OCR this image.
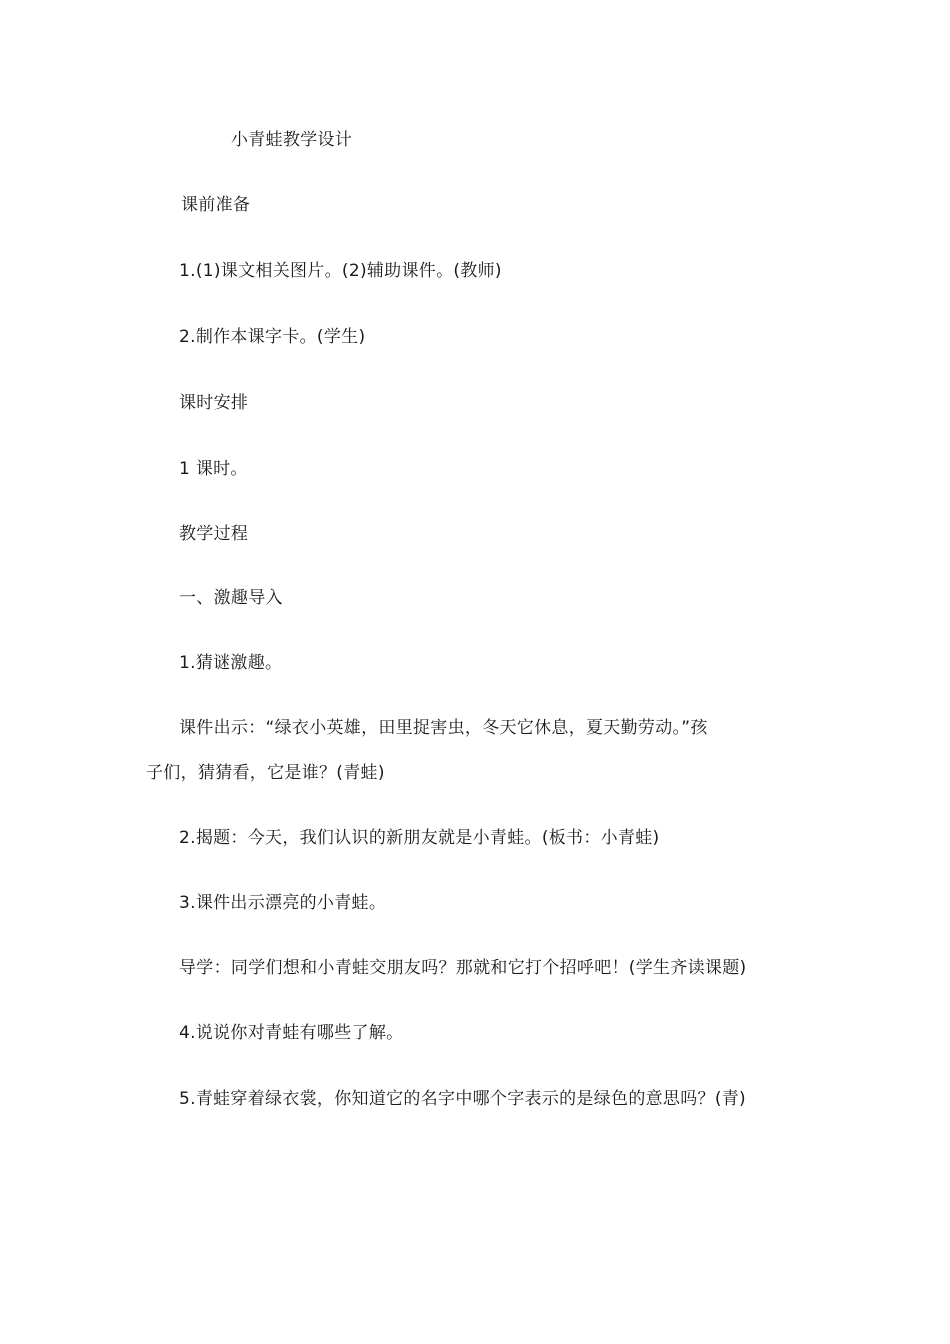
小青蛙教学设计
课前准备
1.(1)课文相关图片。(2)辅助课件。(教师)
2.制作本课字卡。(学生)
课时安排
1 课时。
教学过程
一、激趣导入
1.猜谜激趣。
课件出示：“绿衣小英雄，田里捉害虫，冬天它休息，夏天勤劳动。”孩
子们，猜猜看，它是谁？(青蛙)
2.揭题：今天，我们认识的新朋友就是小青蛙。(板书：小青蛙)
3.课件出示漂亮的小青蛙。
导学：同学们想和小青蛙交朋友吗？那就和它打个招呼吧！(学生齐读课题)
4.说说你对青蛙有哪些了解。
5.青蛙穿着绿衣裳，你知道它的名字中哪个字表示的是绿色的意思吗？(青)
